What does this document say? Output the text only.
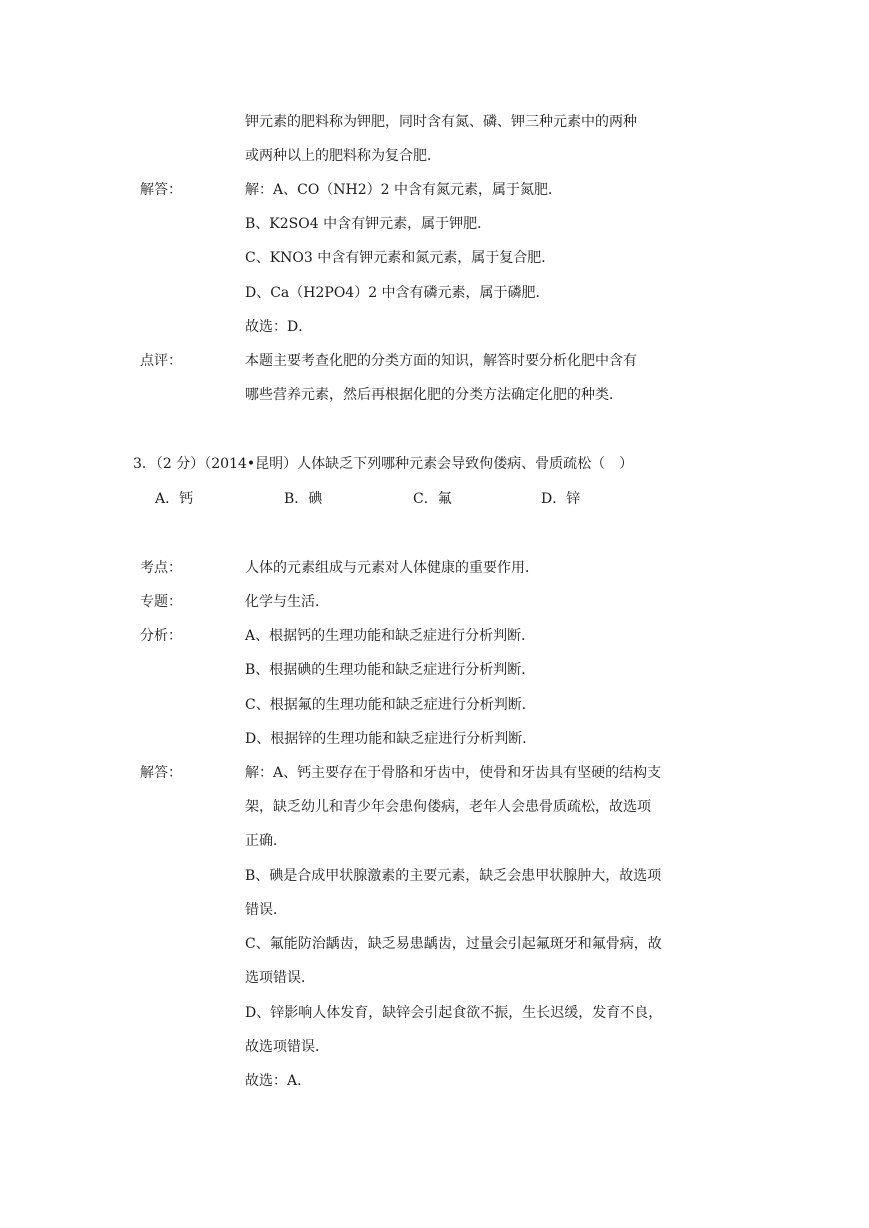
钾元素的肥料称为钾肥，同时含有氮、磷、钾三种元素中的两种
或两种以上的肥料称为复合肥．
解答：	解：A、CO（NH2）2 中含有氮元素，属于氮肥．
B、K2SO4 中含有钾元素，属于钾肥．
C、KNO3 中含有钾元素和氮元素，属于复合肥．
D、Ca（H2PO4）2 中含有磷元素，属于磷肥．
故选：D．
点评：	本题主要考查化肥的分类方面的知识，解答时要分析化肥中含有
哪些营养元素，然后再根据化肥的分类方法确定化肥的种类．
3．（2 分）（2014•昆明）人体缺乏下列哪种元素会导致佝偻病、骨质疏松（　）
A．钙	B．碘	C．氟	D．锌
考点：	人体的元素组成与元素对人体健康的重要作用．
专题：	化学与生活．
分析：	A、根据钙的生理功能和缺乏症进行分析判断．
B、根据碘的生理功能和缺乏症进行分析判断．
C、根据氟的生理功能和缺乏症进行分析判断．
D、根据锌的生理功能和缺乏症进行分析判断．
解答：	解：A、钙主要存在于骨胳和牙齿中，使骨和牙齿具有坚硬的结构支
架，缺乏幼儿和青少年会患佝偻病，老年人会患骨质疏松，故选项
正确．
B、碘是合成甲状腺激素的主要元素，缺乏会患甲状腺肿大，故选项
错误．
C、氟能防治龋齿，缺乏易患龋齿，过量会引起氟斑牙和氟骨病，故
选项错误．
D、锌影响人体发育，缺锌会引起食欲不振，生长迟缓，发育不良，
故选项错误．
故选：A．
